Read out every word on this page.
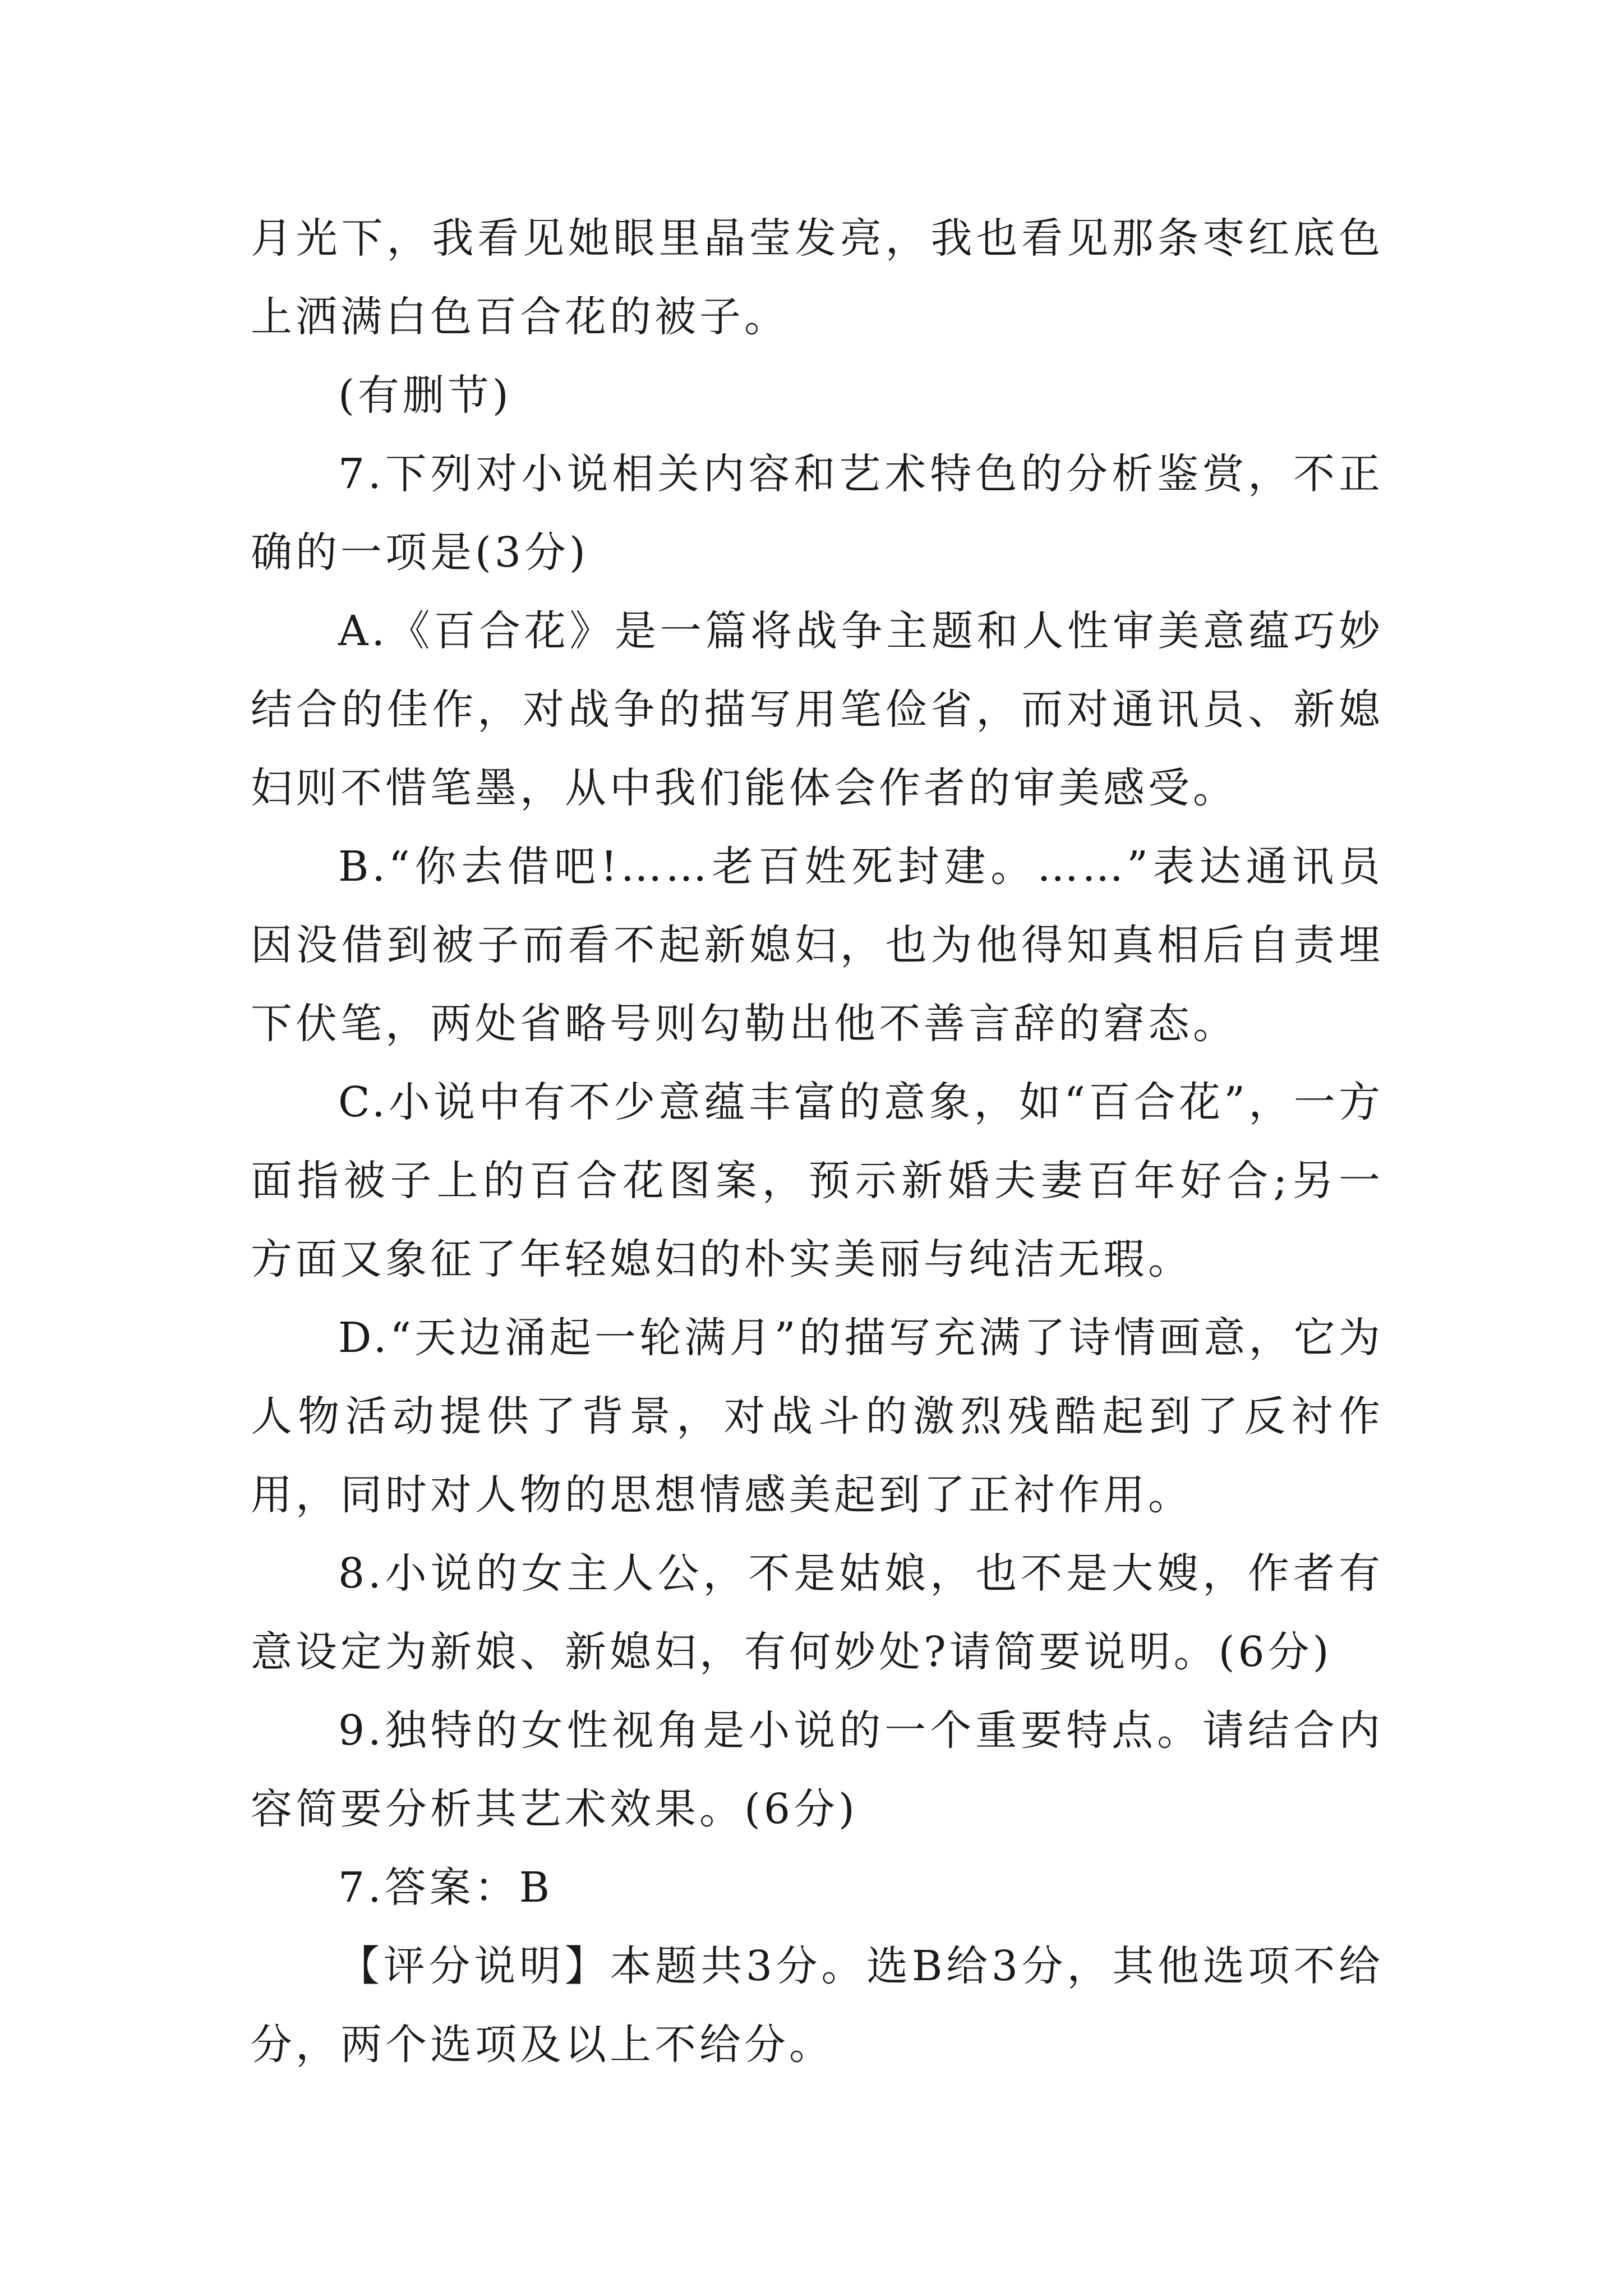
月光下，我看见她眼里晶莹发亮，我也看见那条枣红底色上洒满白色百合花的被子。

(有删节)

7.下列对小说相关内容和艺术特色的分析鉴赏，不正确的一项是(3分)

A.《百合花》是一篇将战争主题和人性审美意蕴巧妙结合的佳作，对战争的描写用笔俭省，而对通讯员、新媳妇则不惜笔墨，从中我们能体会作者的审美感受。

B.“你去借吧!……老百姓死封建。……”表达通讯员因没借到被子而看不起新媳妇，也为他得知真相后自责埋下伏笔，两处省略号则勾勒出他不善言辞的窘态。

C.小说中有不少意蕴丰富的意象，如“百合花”，一方面指被子上的百合花图案，预示新婚夫妻百年好合;另一方面又象征了年轻媳妇的朴实美丽与纯洁无瑕。

D.“天边涌起一轮满月”的描写充满了诗情画意，它为人物活动提供了背景，对战斗的激烈残酷起到了反衬作用，同时对人物的思想情感美起到了正衬作用。

8.小说的女主人公，不是姑娘，也不是大嫂，作者有意设定为新娘、新媳妇，有何妙处?请简要说明。(6分)

9.独特的女性视角是小说的一个重要特点。请结合内容简要分析其艺术效果。(6分)

7.答案：B

【评分说明】本题共3分。选B给3分，其他选项不给分，两个选项及以上不给分。
